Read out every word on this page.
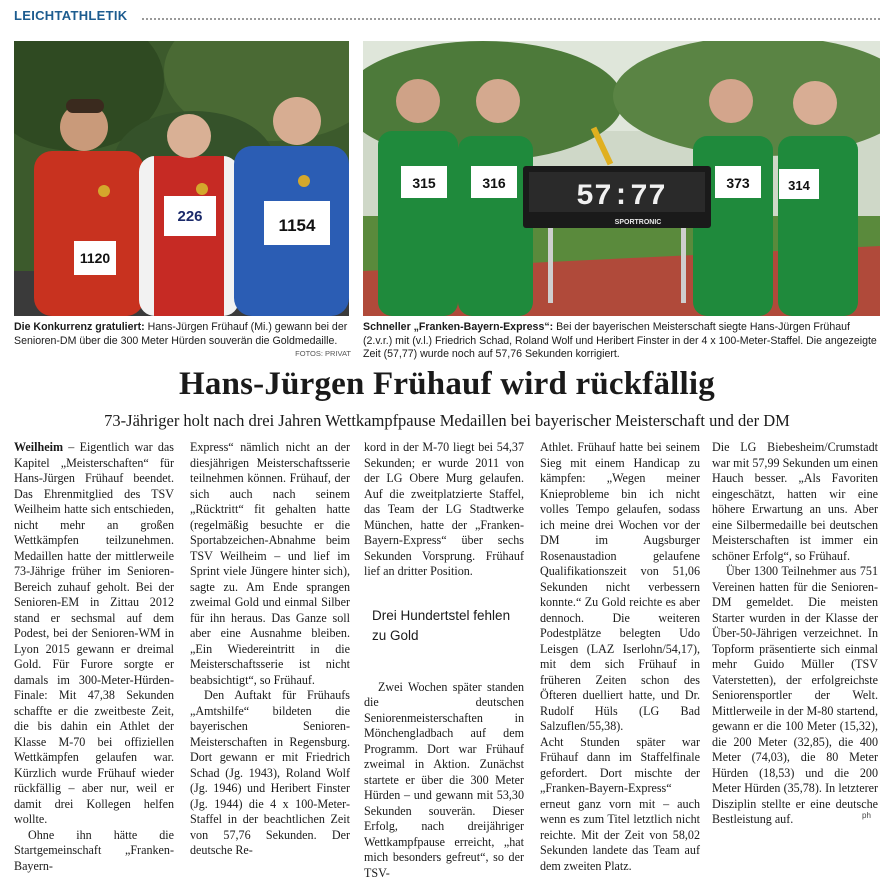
LEICHTATHLETIK
1120
226	1154
315	316	373	314
57:77
SPORTRONIC
Die Konkurrenz gratuliert: Hans-Jürgen Frühauf (Mi.) gewann bei der Senioren-DM über die 300 Meter Hürden souverän die Goldmedaille.
FOTOS: PRIVAT
Schneller „Franken-Bayern-Express“: Bei der bayerischen Meisterschaft siegte Hans-Jürgen Frühauf (2.v.r.) mit (v.l.) Friedrich Schad, Roland Wolf und Heribert Finster in der 4 x 100-Meter-Staffel. Die angezeigte Zeit (57,77) wurde noch auf 57,76 Sekunden korrigiert.
Hans-Jürgen Frühauf wird rückfällig
73-Jähriger holt nach drei Jahren Wettkampfpause Medaillen bei bayerischer Meisterschaft und der DM

Weilheim – Eigentlich war das Kapitel „Meisterschaften“ für Hans-Jürgen Frühauf beendet. Das Ehrenmitglied des TSV Weilheim hatte sich entschieden, nicht mehr an großen Wettkämpfen teilzunehmen. Medaillen hatte der mittlerweile 73-Jährige früher im Senioren-Bereich zuhauf geholt. Bei der Senioren-EM in Zittau 2012 stand er sechsmal auf dem Podest, bei der Senioren-WM in Lyon 2015 gewann er dreimal Gold. Für Furore sorgte er damals im 300-Meter-Hürden-Finale: Mit 47,38 Sekunden schaffte er die zweitbeste Zeit, die bis dahin ein Athlet der Klasse M-70 bei offiziellen Wettkämpfen gelaufen war. Kürzlich wurde Frühauf wieder rückfällig – aber nur, weil er damit drei Kollegen helfen wollte.

Ohne ihn hätte die Startgemeinschaft „Franken-Bayern-

Express“ nämlich nicht an der diesjährigen Meisterschaftsserie teilnehmen können. Frühauf, der sich auch nach seinem „Rücktritt“ fit gehalten hatte (regelmäßig besuchte er die Sportabzeichen-Abnahme beim TSV Weilheim – und lief im Sprint viele Jüngere hinter sich), sagte zu. Am Ende sprangen zweimal Gold und einmal Silber für ihn heraus. Das Ganze soll aber eine Ausnahme bleiben. „Ein Wiedereintritt in die Meisterschaftsserie ist nicht beabsichtigt“, so Frühauf.

Den Auftakt für Frühaufs „Amtshilfe“ bildeten die bayerischen Senioren-Meisterschaften in Regensburg. Dort gewann er mit Friedrich Schad (Jg. 1943), Roland Wolf (Jg. 1946) und Heribert Finster (Jg. 1944) die 4 x 100-Meter-Staffel in der beachtlichen Zeit von 57,76 Sekunden. Der deutsche Re-

kord in der M-70 liegt bei 54,37 Sekunden; er wurde 2011 von der LG Obere Murg gelaufen. Auf die zweitplatzierte Staffel, das Team der LG Stadtwerke München, hatte der „Franken-Bayern-Express“ über sechs Sekunden Vorsprung. Frühauf lief an dritter Position.

Drei Hundertstel fehlen zu Gold

Zwei Wochen später standen die deutschen Seniorenmeisterschaften in Mönchengladbach auf dem Programm. Dort war Frühauf zweimal in Aktion. Zunächst startete er über die 300 Meter Hürden – und gewann mit 53,30 Sekunden souverän. Dieser Erfolg, nach dreijähriger Wettkampfpause erreicht, „hat mich besonders gefreut“, so der TSV-

Athlet. Frühauf hatte bei seinem Sieg mit einem Handicap zu kämpfen: „Wegen meiner Knieprobleme bin ich nicht volles Tempo gelaufen, sodass ich meine drei Wochen vor der DM im Augsburger Rosenaustadion gelaufene Qualifikationszeit von 51,06 Sekunden nicht verbessern konnte.“ Zu Gold reichte es aber dennoch. Die weiteren Podestplätze belegten Udo Leisgen (LAZ Iserlohn/54,17), mit dem sich Frühauf in früheren Zeiten schon des Öfteren duelliert hatte, und Dr. Rudolf Hüls (LG Bad Salzuflen/55,38).

Acht Stunden später war Frühauf dann im Staffelfinale gefordert. Dort mischte der „Franken-Bayern-Express“ erneut ganz vorn mit – auch wenn es zum Titel letztlich nicht reichte. Mit der Zeit von 58,02 Sekunden landete das Team auf dem zweiten Platz.

Die LG Biebesheim/Crumstadt war mit 57,99 Sekunden um einen Hauch besser. „Als Favoriten eingeschätzt, hatten wir eine höhere Erwartung an uns. Aber eine Silbermedaille bei deutschen Meisterschaften ist immer ein schöner Erfolg“, so Frühauf.

Über 1300 Teilnehmer aus 751 Vereinen hatten für die Senioren-DM gemeldet. Die meisten Starter wurden in der Klasse der Über-50-Jährigen verzeichnet. In Topform präsentierte sich einmal mehr Guido Müller (TSV Vaterstetten), der erfolgreichste Seniorensportler der Welt. Mittlerweile in der M-80 startend, gewann er die 100 Meter (15,32), die 200 Meter (32,85), die 400 Meter (74,03), die 80 Meter Hürden (18,53) und die 200 Meter Hürden (35,78). In letzterer Disziplin stellte er eine deutsche Bestleistung auf.	ph
